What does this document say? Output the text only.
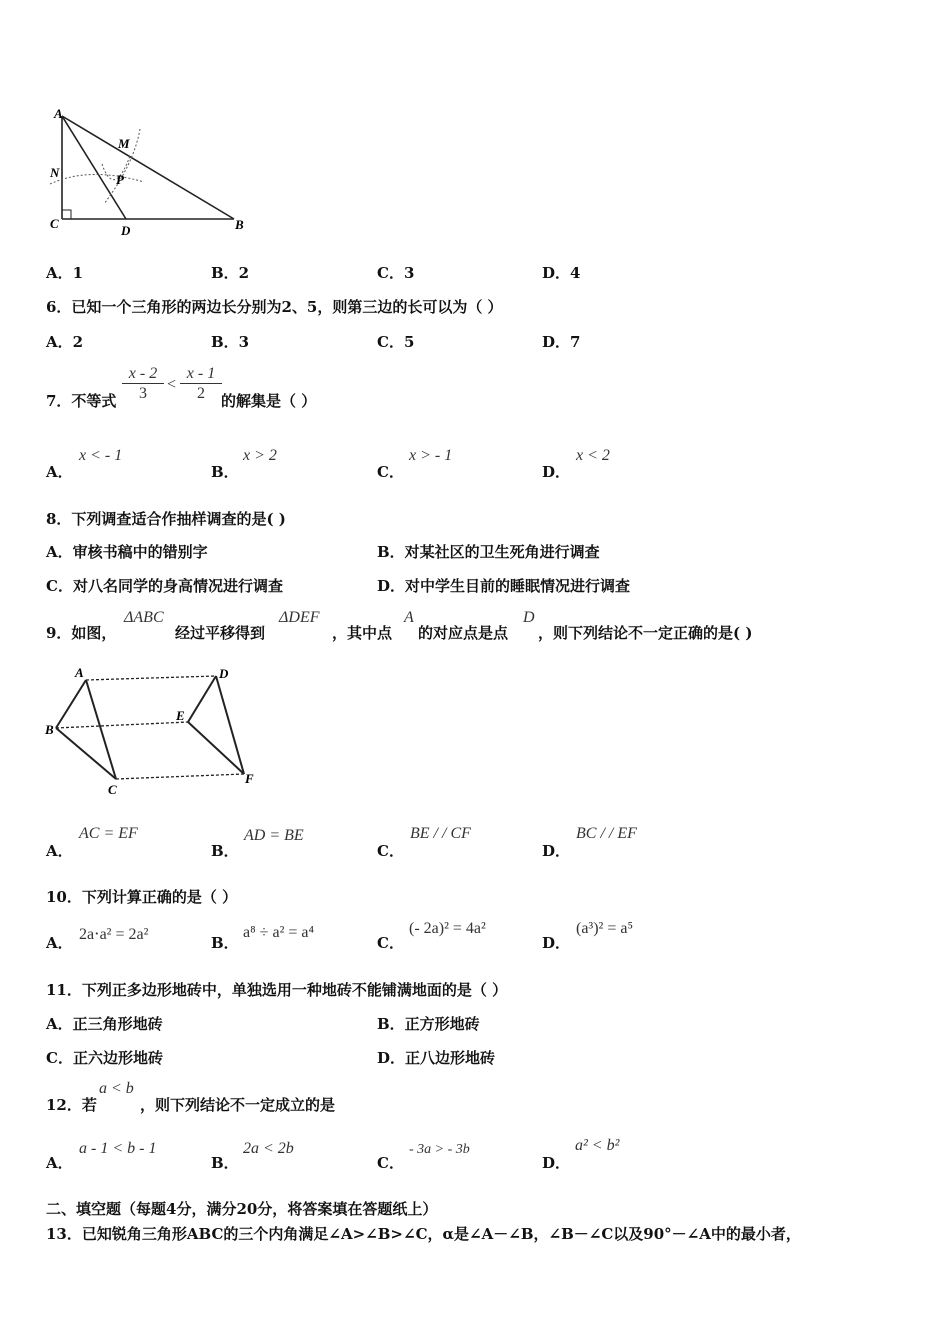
A
M
N	P
C	D	B
A．1	B．2	C．3	D．4
6．已知一个三角形的两边长分别为2、5，则第三边的长可以为（ ）
A．2	B．3	C．5	D．7
7．不等式 $\frac{x - 2}{3} < \frac{x - 1}{2}$ 的解集是（ ）
A．
x < - 1
B．
x > 2
C．
x > - 1
D．
x < 2
8．下列调查适合作抽样调查的是( )
A．审核书稿中的错别字	B．对某社区的卫生死角进行调查
C．对八名同学的身高情况进行调查	D．对中学生目前的睡眠情况进行调查
9．如图，
ΔABC
经过平移得到
ΔDEF
，其中点
A
的对应点是点
D
，则下列结论不一定正确的是( )
A	D
B
E
C
F
A．
AC = EF
B．
AD = BE
C．
BE / / CF
D．
BC / / EF
10．下列计算正确的是（ ）
A． 2a⋅a² = 2a²	B．
a⁸ ÷ a² = a⁴
C．
(- 2a)² = 4a²
D．
(a³)² = a⁵
11．下列正多边形地砖中，单独选用一种地砖不能铺满地面的是（ ）
A．正三角形地砖	B．正方形地砖
C．正六边形地砖	D．正八边形地砖
12．若
a < b
，则下列结论不一定成立的是
A．
a - 1 < b - 1
B．
2a < 2b
C．
- 3a > - 3b
D．
a² < b²
二、填空题（每题4分，满分20分，将答案填在答题纸上）
13．已知锐角三角形ABC的三个内角满足∠A>∠B>∠C，α是∠A－∠B，∠B－∠C以及90°－∠A中的最小者，
